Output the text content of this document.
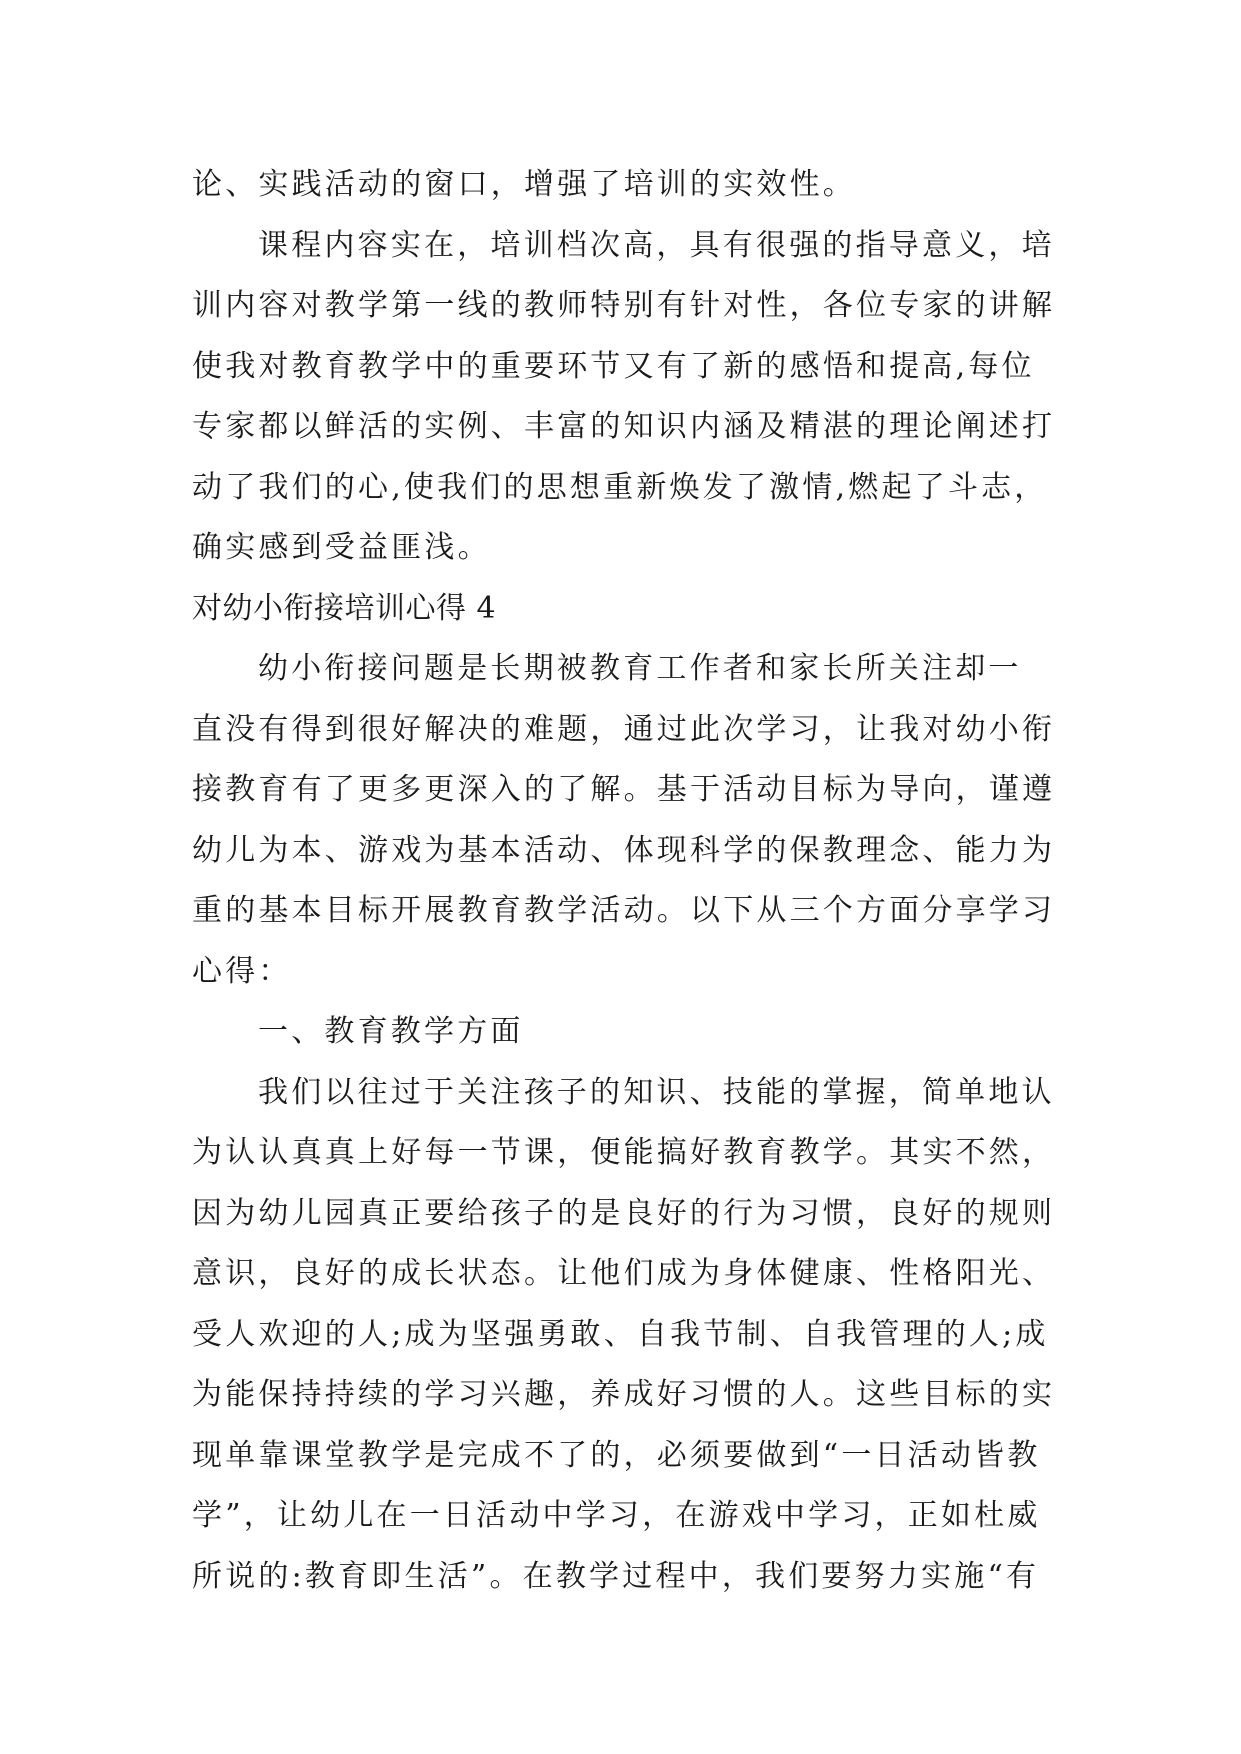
论、实践活动的窗口，增强了培训的实效性。
课程内容实在，培训档次高，具有很强的指导意义，培
训内容对教学第一线的教师特别有针对性，各位专家的讲解
使我对教育教学中的重要环节又有了新的感悟和提高,每位
专家都以鲜活的实例、丰富的知识内涵及精湛的理论阐述打
动了我们的心,使我们的思想重新焕发了激情,燃起了斗志，
确实感到受益匪浅。
对幼小衔接培训心得 4
幼小衔接问题是长期被教育工作者和家长所关注却一
直没有得到很好解决的难题，通过此次学习，让我对幼小衔
接教育有了更多更深入的了解。基于活动目标为导向，谨遵
幼儿为本、游戏为基本活动、体现科学的保教理念、能力为
重的基本目标开展教育教学活动。以下从三个方面分享学习
心得：
一、教育教学方面
我们以往过于关注孩子的知识、技能的掌握，简单地认
为认认真真上好每一节课，便能搞好教育教学。其实不然，
因为幼儿园真正要给孩子的是良好的行为习惯，良好的规则
意识，良好的成长状态。让他们成为身体健康、性格阳光、
受人欢迎的人;成为坚强勇敢、自我节制、自我管理的人;成
为能保持持续的学习兴趣，养成好习惯的人。这些目标的实
现单靠课堂教学是完成不了的，必须要做到“一日活动皆教
学”，让幼儿在一日活动中学习，在游戏中学习，正如杜威
所说的:教育即生活”。在教学过程中，我们要努力实施“有
